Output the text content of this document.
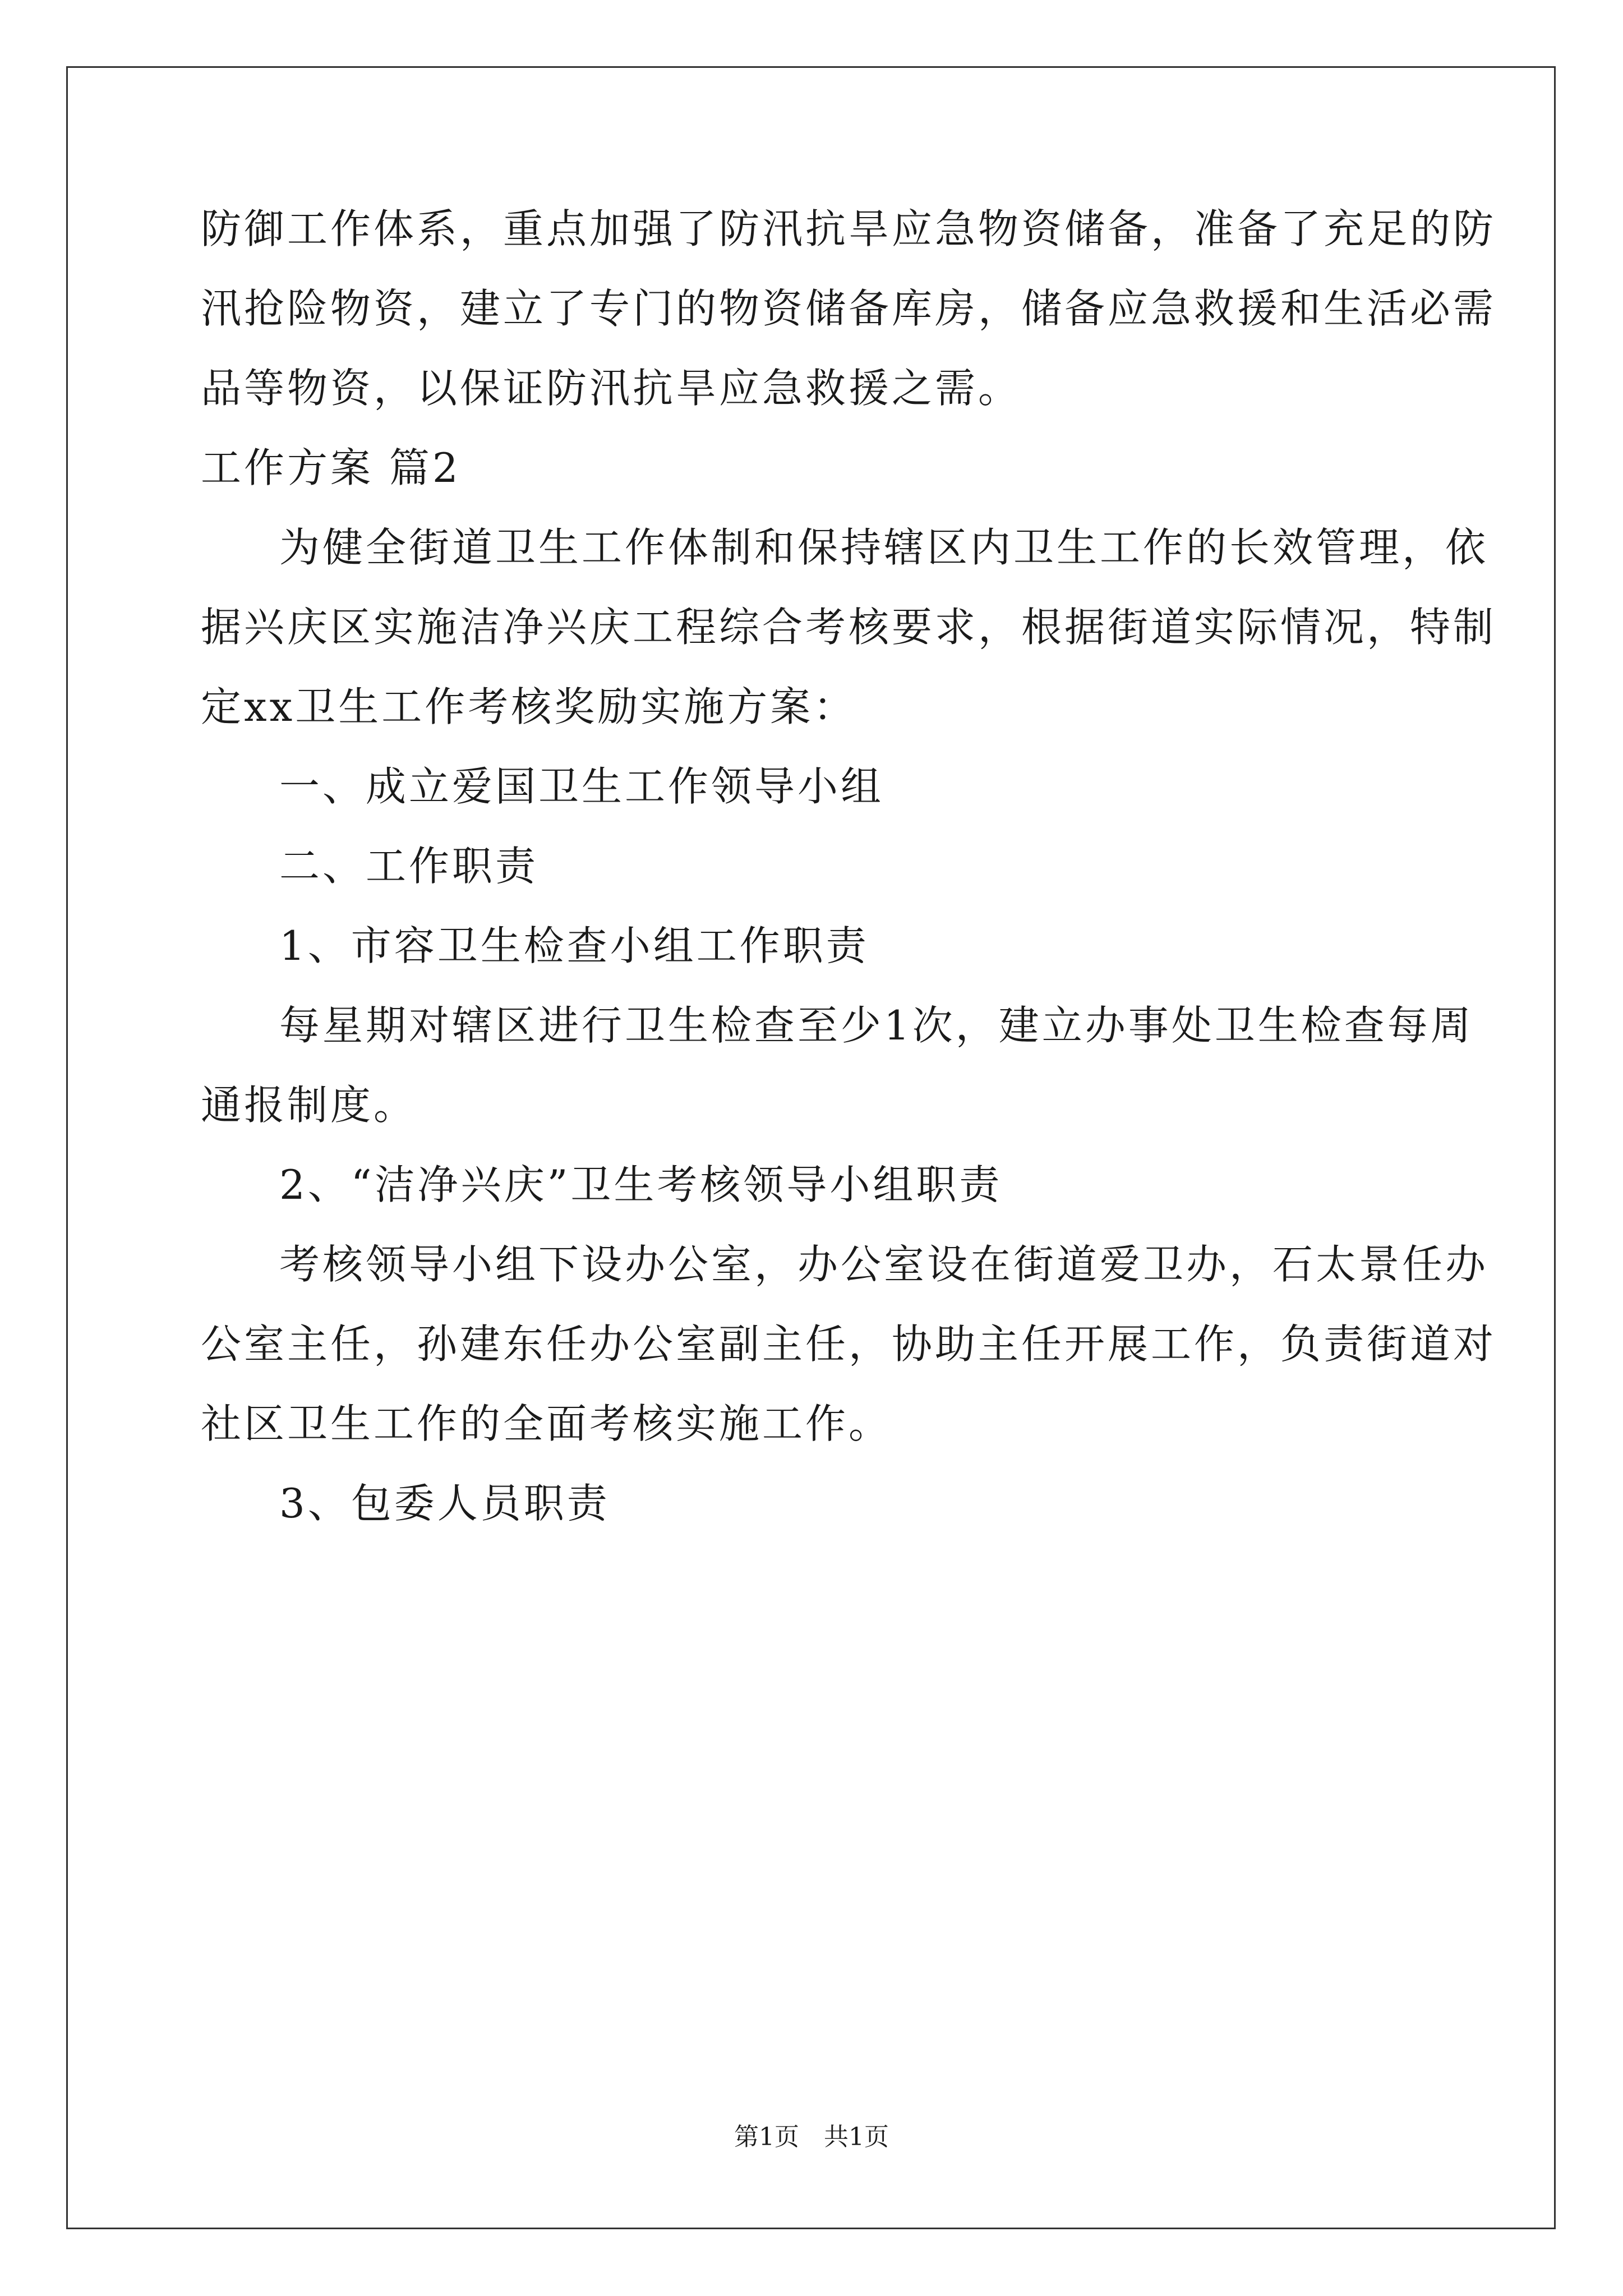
防御工作体系，重点加强了防汛抗旱应急物资储备，准备了充足的防
汛抢险物资，建立了专门的物资储备库房，储备应急救援和生活必需
品等物资，以保证防汛抗旱应急救援之需。
工作方案 篇2
为健全街道卫生工作体制和保持辖区内卫生工作的长效管理，依
据兴庆区实施洁净兴庆工程综合考核要求，根据街道实际情况，特制
定xx卫生工作考核奖励实施方案：
一、成立爱国卫生工作领导小组
二、工作职责
1、市容卫生检查小组工作职责
每星期对辖区进行卫生检查至少1次，建立办事处卫生检查每周
通报制度。
2、“洁净兴庆”卫生考核领导小组职责
考核领导小组下设办公室，办公室设在街道爱卫办，石太景任办
公室主任，孙建东任办公室副主任，协助主任开展工作，负责街道对
社区卫生工作的全面考核实施工作。
3、包委人员职责
第1页　共1页
